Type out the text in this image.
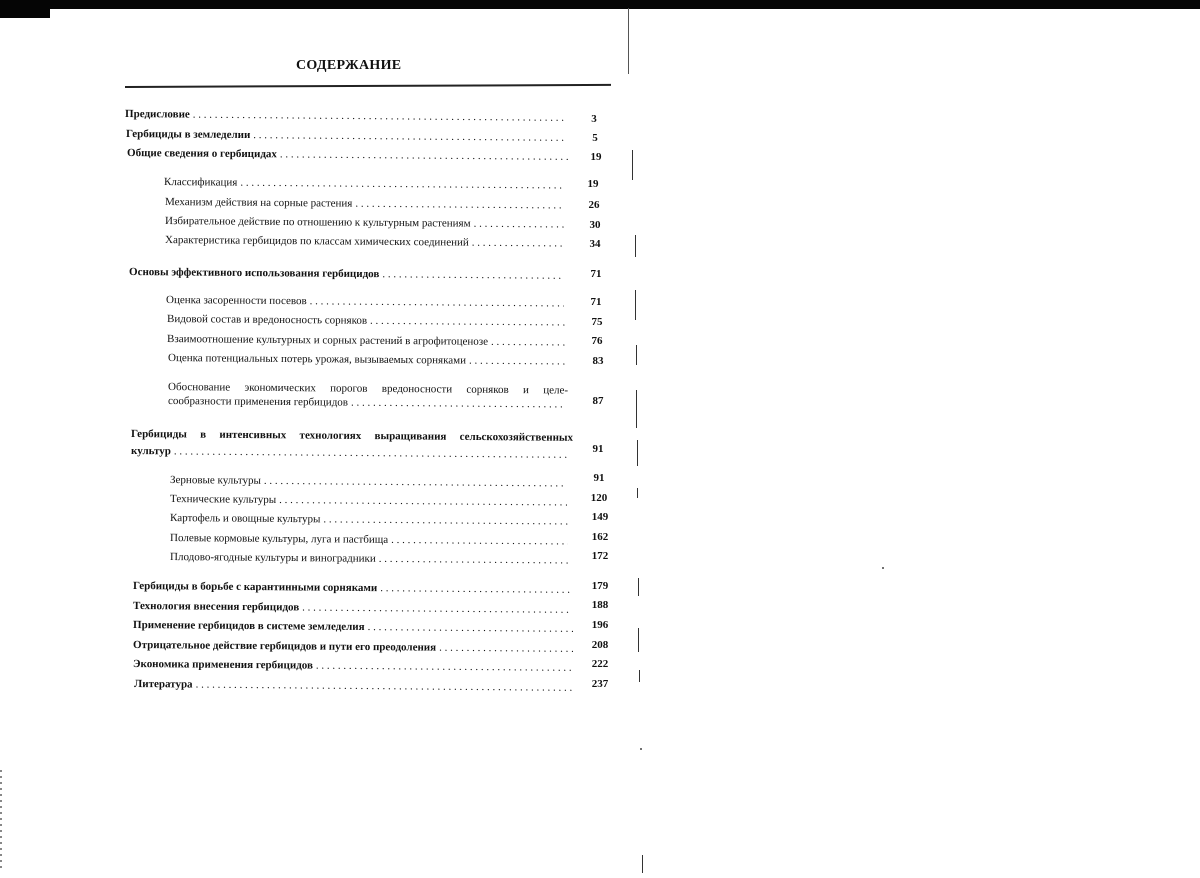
СОДЕРЖАНИЕ
Предисловие . . .	3
Гербициды в земледелии . . .	5
Общие сведения о гербицидах . . .	19
Классификация . . .	19
Механизм действия на сорные растения . . .	26
Избирательное действие по отношению к культурным растениям . . .	30
Характеристика гербицидов по классам химических соединений . . .	34
Основы эффективного использования гербицидов . . .	71
Оценка засоренности посевов . . .	71
Видовой состав и вредоносность сорняков . . .	75
Взаимоотношение культурных и сорных растений в агрофитоценозе . . .	76
Оценка потенциальных потерь урожая, вызываемых сорняками . . .	83
Обоснование экономических порогов вредоносности сорняков и целе-
сообразности применения гербицидов . . .	87
Гербициды в интенсивных технологиях выращивания сельскохозяйственных
культур . . .	91
Зерновые культуры . . .	91
Технические культуры . . .	120
Картофель и овощные культуры . . .	149
Полевые кормовые культуры, луга и пастбища . . .	162
Плодово-ягодные культуры и виноградники . . .	172
Гербициды в борьбе с карантинными сорняками . . .	179
Технология внесения гербицидов . . .	188
Применение гербицидов в системе земледелия . . .	196
Отрицательное действие гербицидов и пути его преодоления . . .	208
Экономика применения гербицидов . . .	222
Литература . . .	237
